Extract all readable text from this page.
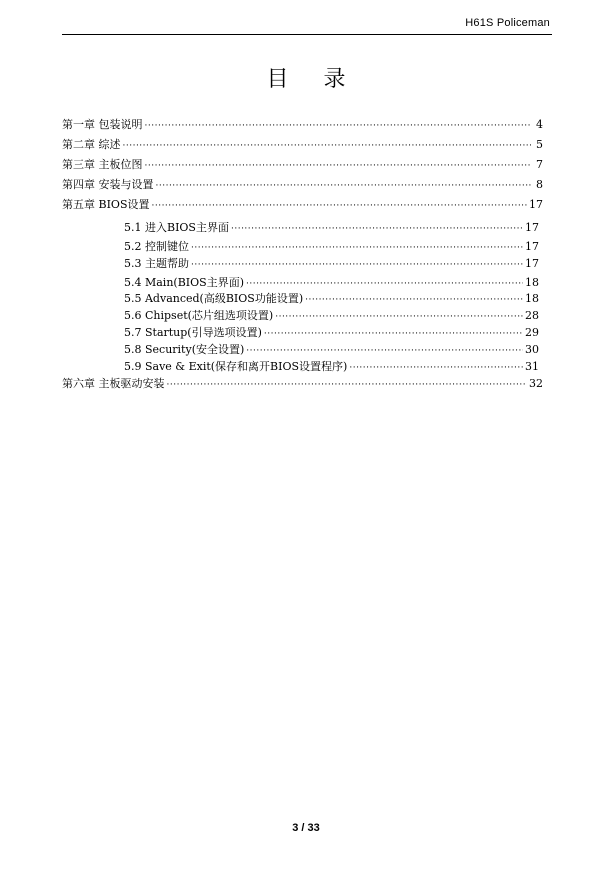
H61S Policeman
目 录
第一章 包装说明 ·····	4
第二章 综述 ·····	5
第三章 主板位图 ·····	7
第四章 安装与设置 ·····	8
第五章 BIOS设置 ·····	17
5.1 进入BIOS主界面 ·····	17
5.2 控制键位 ·····	17
5.3 主题帮助 ·····	17
5.4 Main(BIOS主界面) ·····	18
5.5 Advanced(高级BIOS功能设置) ·····	18
5.6 Chipset(芯片组选项设置) ·····	28
5.7 Startup(引导选项设置) ·····	29
5.8 Security(安全设置) ·····	30
5.9 Save & Exit(保存和离开BIOS设置程序) ·····	31
第六章 主板驱动安装 ·····	32
3 / 33
